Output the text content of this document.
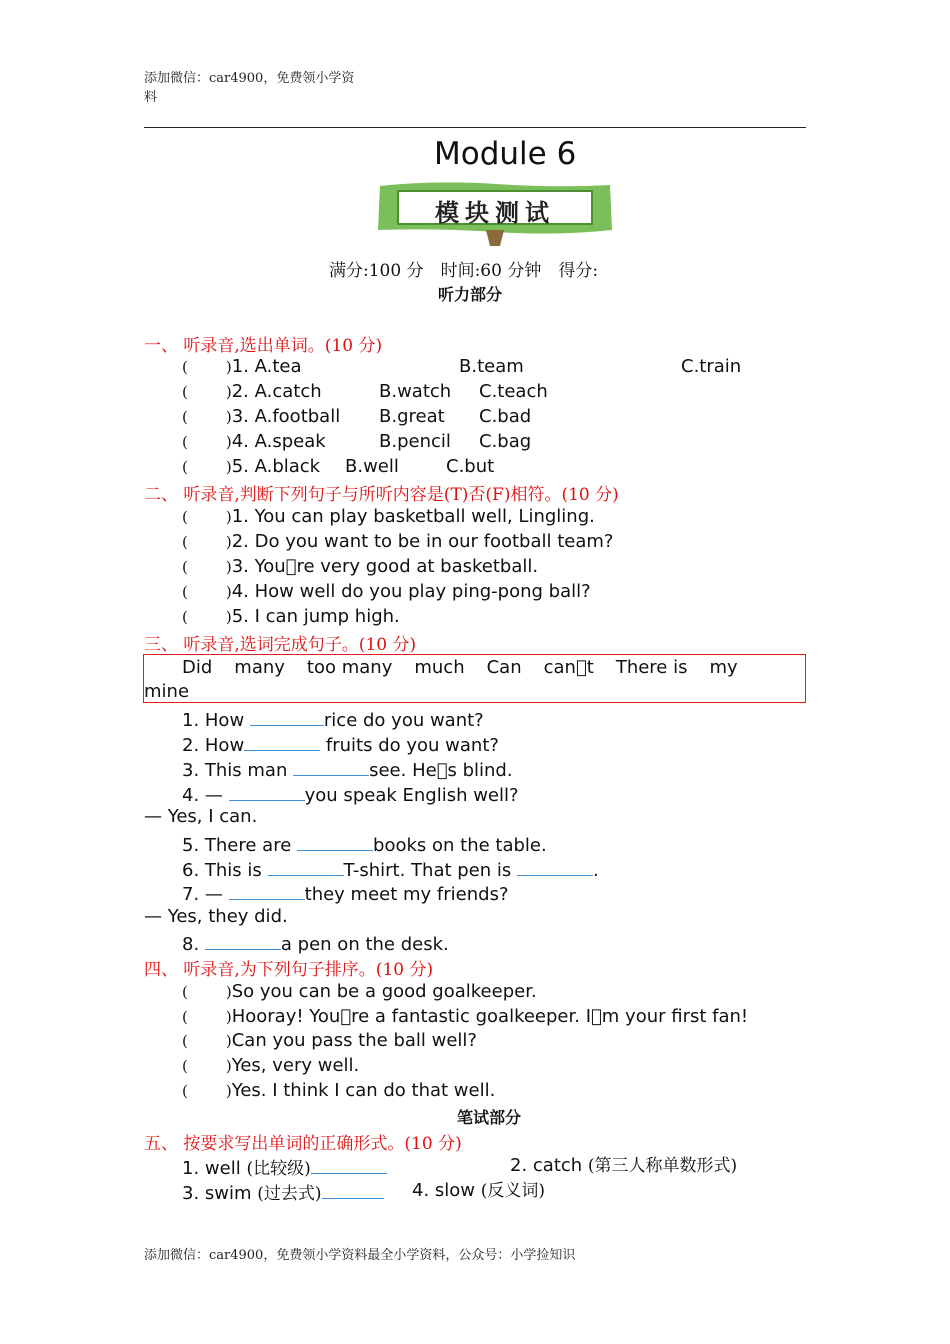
添加微信：car4900，免费领小学资
料
Module 6
模块测试
满分:100 分　时间:60 分钟　得分:
听力部分
一、 听录音,选出单词。(10 分)
(	)1. A.tea	B.team	C.train
(	)2. A.catch	B.watch C.teach
(	)3. A.football B.great C.bad
(	)4. A.speak	B.pencil C.bag
(	)5. A.black B.well	C.but
二、 听录音,判断下列句子与所听内容是(T)否(F)相符。(10 分)
(	)1. You can play basketball well, Lingling.
(	)2. Do you want to be in our football team?
(	)3. You re very good at basketball.
(	)4. How well do you play ping-pong ball?
(	)5. I can jump high.
三、 听录音,选词完成句子。(10 分)
Did many too many much Can can t There is my
mine
1. How	rice do you want?
2. How	fruits do you want?
3. This man	see. He s blind.
4. —	you speak English well?
— Yes, I can.
5. There are	books on the table.
6. This is	T-shirt. That pen is	.
7. —	they meet my friends?
— Yes, they did.
8.	a pen on the desk.
四、 听录音,为下列句子排序。(10 分)
(	)So you can be a good goalkeeper.
(	)Hooray! You re a fantastic goalkeeper. I m your first fan!
(	)Can you pass the ball well?
(	)Yes, very well.
(	)Yes. I think I can do that well.
笔试部分
五、 按要求写出单词的正确形式。(10 分)
1. well (比较级)	2. catch (第三人称单数形式)
3. swim (过去式)	4. slow (反义词)
添加微信：car4900，免费领小学资料最全小学资料，公众号：小学捡知识
